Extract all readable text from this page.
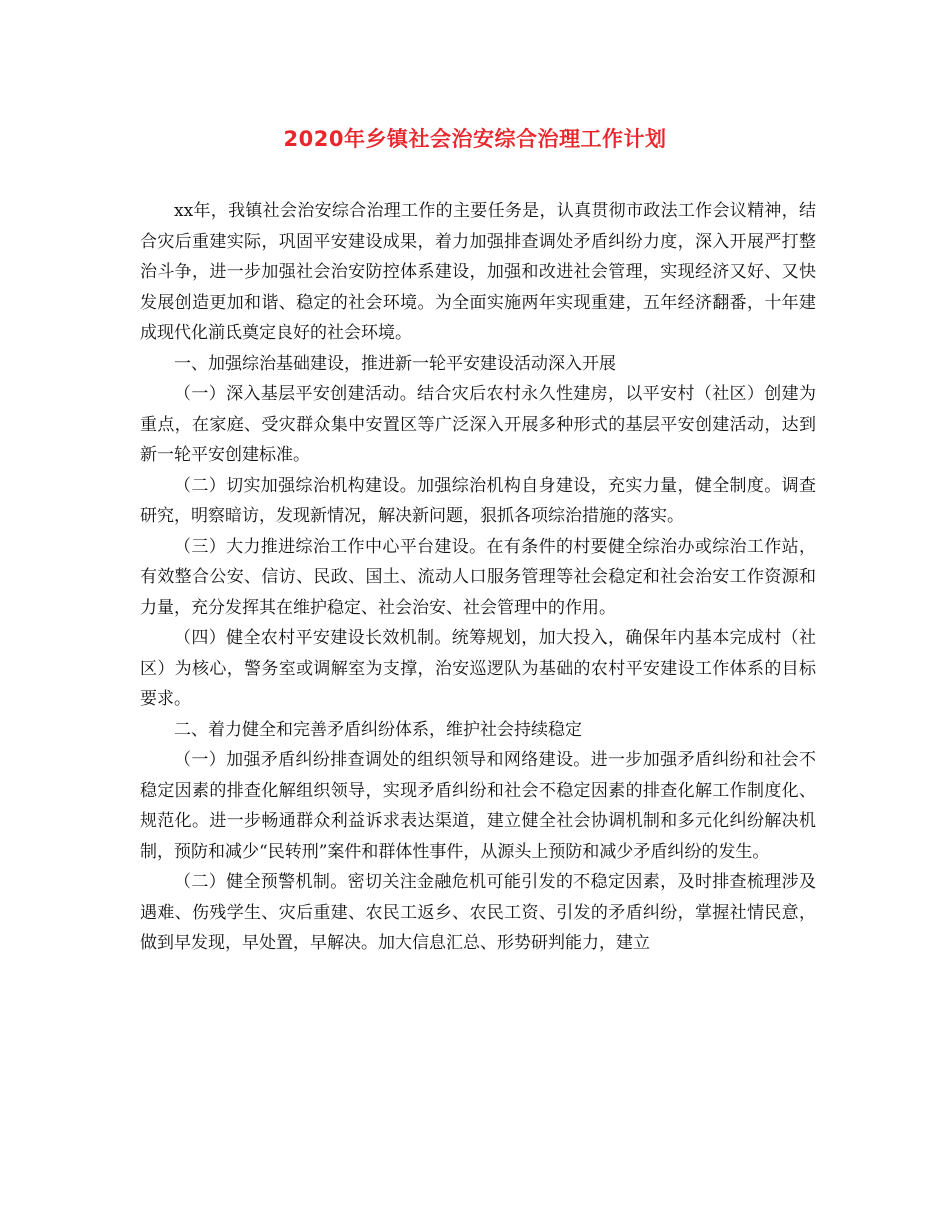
2020年乡镇社会治安综合治理工作计划

xx年，我镇社会治安综合治理工作的主要任务是，认真贯彻市政法工作会议精神，结合灾后重建实际，巩固平安建设成果，着力加强排查调处矛盾纠纷力度，深入开展严打整治斗争，进一步加强社会治安防控体系建设，加强和改进社会管理，实现经济又好、又快发展创造更加和谐、稳定的社会环境。为全面实施两年实现重建，五年经济翻番，十年建成现代化湔氐奠定良好的社会环境。

一、加强综治基础建设，推进新一轮平安建设活动深入开展

（一）深入基层平安创建活动。结合灾后农村永久性建房，以平安村（社区）创建为重点，在家庭、受灾群众集中安置区等广泛深入开展多种形式的基层平安创建活动，达到新一轮平安创建标准。

（二）切实加强综治机构建设。加强综治机构自身建设，充实力量，健全制度。调查研究，明察暗访，发现新情况，解决新问题，狠抓各项综治措施的落实。

（三）大力推进综治工作中心平台建设。在有条件的村要健全综治办或综治工作站，有效整合公安、信访、民政、国土、流动人口服务管理等社会稳定和社会治安工作资源和力量，充分发挥其在维护稳定、社会治安、社会管理中的作用。

（四）健全农村平安建设长效机制。统筹规划，加大投入，确保年内基本完成村（社区）为核心，警务室或调解室为支撑，治安巡逻队为基础的农村平安建设工作体系的目标要求。

二、着力健全和完善矛盾纠纷体系，维护社会持续稳定

（一）加强矛盾纠纷排查调处的组织领导和网络建设。进一步加强矛盾纠纷和社会不稳定因素的排查化解组织领导，实现矛盾纠纷和社会不稳定因素的排查化解工作制度化、规范化。进一步畅通群众利益诉求表达渠道，建立健全社会协调机制和多元化纠纷解决机制，预防和减少“民转刑”案件和群体性事件，从源头上预防和减少矛盾纠纷的发生。

（二）健全预警机制。密切关注金融危机可能引发的不稳定因素，及时排查梳理涉及遇难、伤残学生、灾后重建、农民工返乡、农民工资、引发的矛盾纠纷，掌握社情民意，做到早发现，早处置，早解决。加大信息汇总、形势研判能力，建立
